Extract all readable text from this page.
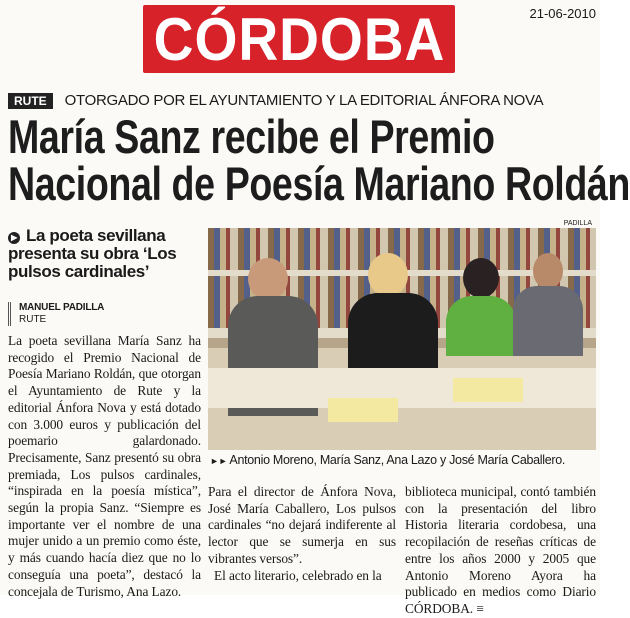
CÓRDOBA	21-06-2010
RUTE	OTORGADO POR EL AYUNTAMIENTO Y LA EDITORIAL ÁNFORA NOVA
María Sanz recibe el Premio
Nacional de Poesía Mariano Roldán
▶ La poeta sevillana presenta su obra ‘Los pulsos cardinales’
MANUEL PADILLA
RUTE
La poeta sevillana María Sanz ha recogido el Premio Nacional de Poesía Mariano Roldán, que otorgan el Ayuntamiento de Rute y la editorial Ánfora Nova y está dotado con 3.000 euros y publicación del poemario galardonado. Precisamente, Sanz presentó su obra premiada, Los pulsos cardinales, “inspirada en la poesía mística”, según la propia Sanz. “Siempre es importante ver el nombre de una mujer unido a un premio como éste, y más cuando hacía diez que no lo conseguía una poeta”, destacó la concejala de Turismo, Ana Lazo.
PADILLA
►► Antonio Moreno, María Sanz, Ana Lazo y José María Caballero.
Para el director de Ánfora Nova, José María Caballero, Los pulsos cardinales “no dejará indiferente al lector que se sumerja en sus vibrantes versos”.
El acto literario, celebrado en la
biblioteca municipal, contó también con la presentación del libro Historia literaria cordobesa, una recopilación de reseñas críticas de entre los años 2000 y 2005 que Antonio Moreno Ayora ha publicado en medios como Diario CÓRDOBA. ≡
